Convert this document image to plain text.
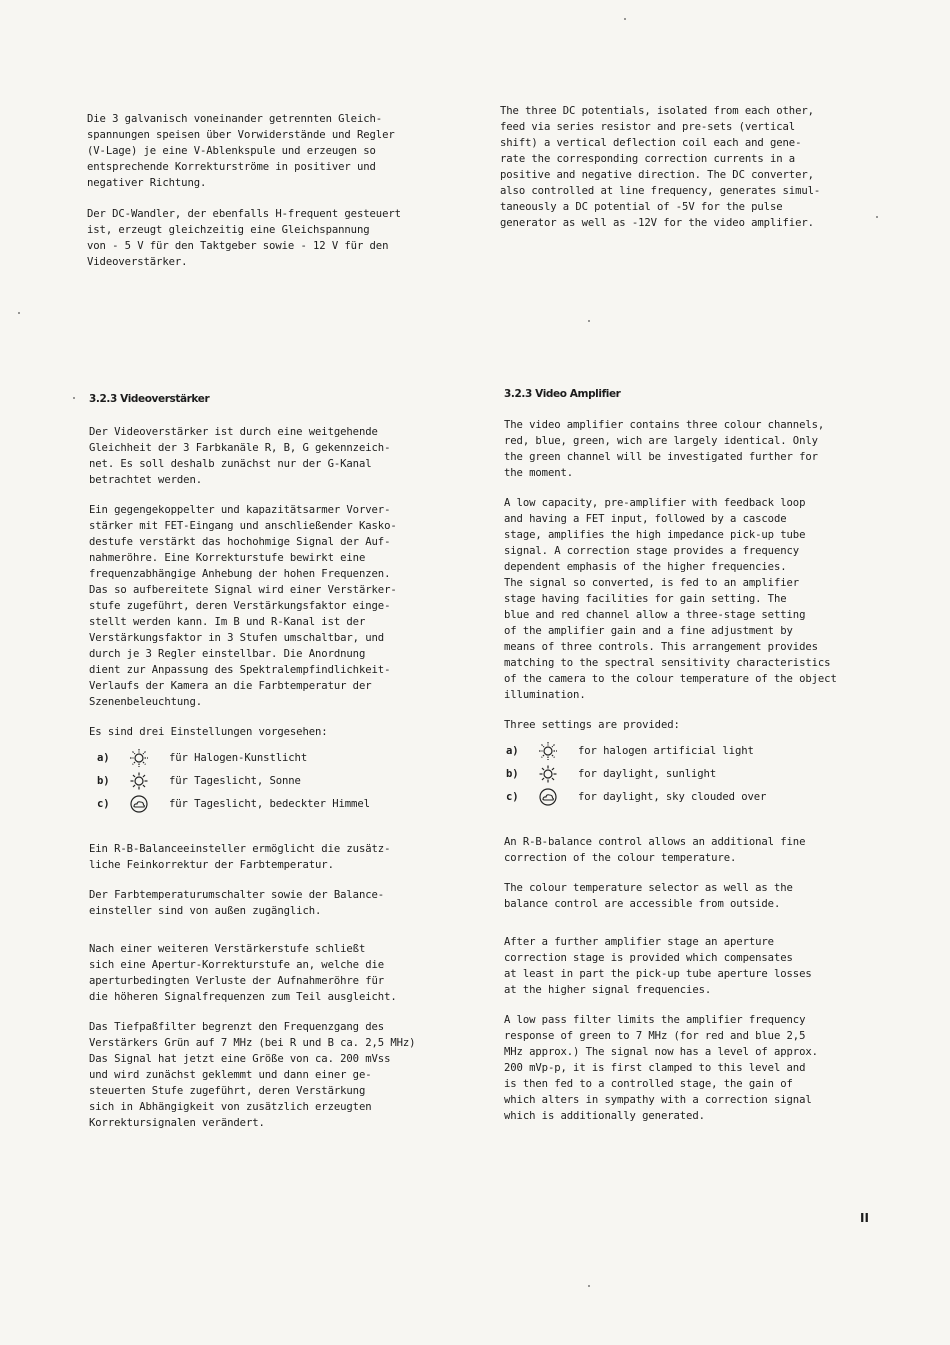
Die 3 galvanisch voneinander getrennten Gleich-
spannungen speisen über Vorwiderstände und Regler
(V-Lage) je eine V-Ablenkspule und erzeugen so
entsprechende Korrekturströme in positiver und
negativer Richtung.

Der DC-Wandler, der ebenfalls H-frequent gesteuert
ist, erzeugt gleichzeitig eine Gleichspannung
von - 5 V für den Taktgeber sowie - 12 V für den
Videoverstärker.

3.2.3 Videoverstärker

Der Videoverstärker ist durch eine weitgehende
Gleichheit der 3 Farbkanäle R, B, G gekennzeich-
net. Es soll deshalb zunächst nur der G-Kanal
betrachtet werden.

Ein gegengekoppelter und kapazitätsarmer Vorver-
stärker mit FET-Eingang und anschließender Kasko-
destufe verstärkt das hochohmige Signal der Auf-
nahmeröhre. Eine Korrekturstufe bewirkt eine
frequenzabhängige Anhebung der hohen Frequenzen.
Das so aufbereitete Signal wird einer Verstärker-
stufe zugeführt, deren Verstärkungsfaktor einge-
stellt werden kann. Im B und R-Kanal ist der
Verstärkungsfaktor in 3 Stufen umschaltbar, und
durch je 3 Regler einstellbar. Die Anordnung
dient zur Anpassung des Spektralempfindlichkeit-
Verlaufs der Kamera an die Farbtemperatur der
Szenenbeleuchtung.

Es sind drei Einstellungen vorgesehen:

a)	für Halogen-Kunstlicht
b)	für Tageslicht, Sonne
c)	für Tageslicht, bedeckter Himmel

Ein R-B-Balanceeinsteller ermöglicht die zusätz-
liche Feinkorrektur der Farbtemperatur.

Der Farbtemperaturumschalter sowie der Balance-
einsteller sind von außen zugänglich.

Nach einer weiteren Verstärkerstufe schließt
sich eine Apertur-Korrekturstufe an, welche die
aperturbedingten Verluste der Aufnahmeröhre für
die höheren Signalfrequenzen zum Teil ausgleicht.

Das Tiefpaßfilter begrenzt den Frequenzgang des
Verstärkers Grün auf 7 MHz (bei R und B ca. 2,5 MHz)
Das Signal hat jetzt eine Größe von ca. 200 mVss
und wird zunächst geklemmt und dann einer ge-
steuerten Stufe zugeführt, deren Verstärkung
sich in Abhängigkeit von zusätzlich erzeugten
Korrektursignalen verändert.

The three DC potentials, isolated from each other,
feed via series resistor and pre-sets (vertical
shift) a vertical deflection coil each and gene-
rate the corresponding correction currents in a
positive and negative direction. The DC converter,
also controlled at line frequency, generates simul-
taneously a DC potential of -5V for the pulse
generator as well as -12V for the video amplifier.

3.2.3 Video Amplifier

The video amplifier contains three colour channels,
red, blue, green, wich are largely identical. Only
the green channel will be investigated further for
the moment.

A low capacity, pre-amplifier with feedback loop
and having a FET input, followed by a cascode
stage, amplifies the high impedance pick-up tube
signal. A correction stage provides a frequency
dependent emphasis of the higher frequencies.
The signal so converted, is fed to an amplifier
stage having facilities for gain setting. The
blue and red channel allow a three-stage setting
of the amplifier gain and a fine adjustment by
means of three controls. This arrangement provides
matching to the spectral sensitivity characteristics
of the camera to the colour temperature of the object
illumination.

Three settings are provided:

a)	for halogen artificial light
b)	for daylight, sunlight
c)	for daylight, sky clouded over

An R-B-balance control allows an additional fine
correction of the colour temperature.

The colour temperature selector as well as the
balance control are accessible from outside.

After a further amplifier stage an aperture
correction stage is provided which compensates
at least in part the pick-up tube aperture losses
at the higher signal frequencies.

A low pass filter limits the amplifier frequency
response of green to 7 MHz (for red and blue 2,5
MHz approx.) The signal now has a level of approx.
200 mVp-p, it is first clamped to this level and
is then fed to a controlled stage, the gain of
which alters in sympathy with a correction signal
which is additionally generated.

II
